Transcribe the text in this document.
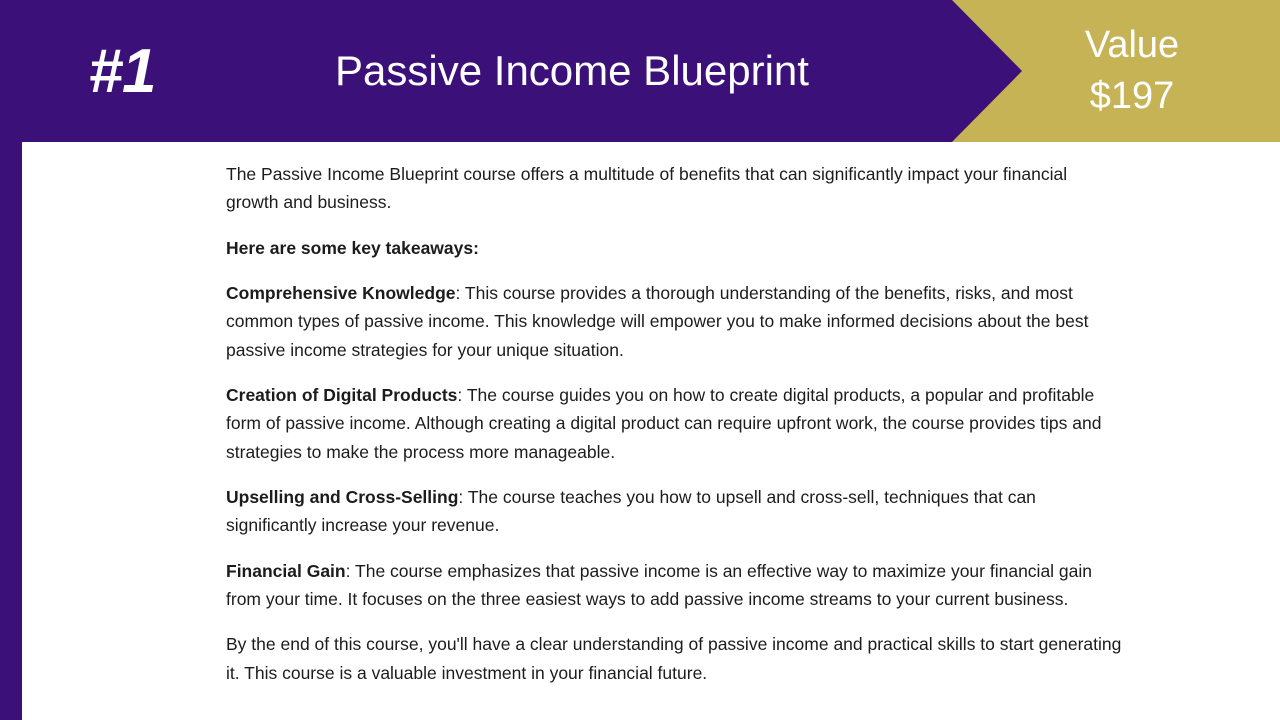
#1	Passive Income Blueprint
Value
$197

The Passive Income Blueprint course offers a multitude of benefits that can significantly impact your financial growth and business.

Here are some key takeaways:

Comprehensive Knowledge: This course provides a thorough understanding of the benefits, risks, and most common types of passive income. This knowledge will empower you to make informed decisions about the best passive income strategies for your unique situation.

Creation of Digital Products: The course guides you on how to create digital products, a popular and profitable form of passive income. Although creating a digital product can require upfront work, the course provides tips and strategies to make the process more manageable.

Upselling and Cross-Selling: The course teaches you how to upsell and cross-sell, techniques that can significantly increase your revenue.

Financial Gain: The course emphasizes that passive income is an effective way to maximize your financial gain from your time. It focuses on the three easiest ways to add passive income streams to your current business.

By the end of this course, you'll have a clear understanding of passive income and practical skills to start generating it. This course is a valuable investment in your financial future.
